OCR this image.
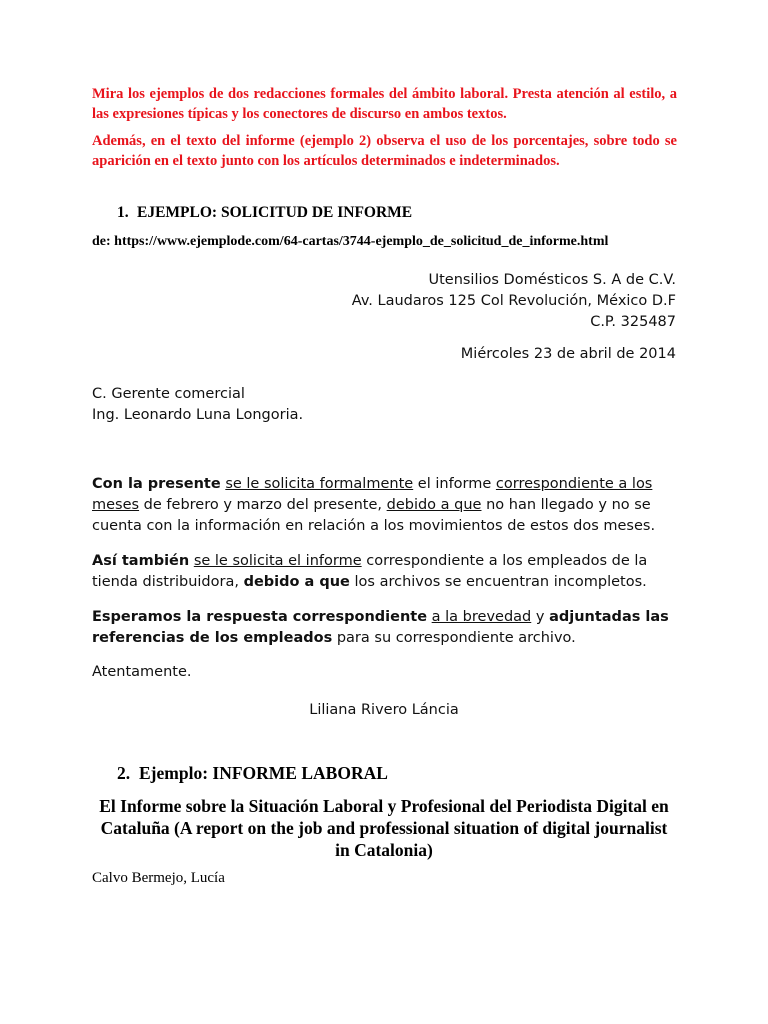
Mira los ejemplos de dos redacciones formales del ámbito laboral. Presta atención al estilo, a las expresiones típicas y los conectores de discurso en ambos textos.
Además, en el texto del informe (ejemplo 2) observa el uso de los porcentajes, sobre todo se aparición en el texto junto con los artículos determinados e indeterminados.
1. EJEMPLO: SOLICITUD DE INFORME
de: https://www.ejemplode.com/64-cartas/3744-ejemplo_de_solicitud_de_informe.html
Utensilios Domésticos S. A de C.V.
Av. Laudaros 125 Col Revolución, México D.F
C.P. 325487
Miércoles 23 de abril de 2014
C. Gerente comercial
Ing. Leonardo Luna Longoria.
Con la presente se le solicita formalmente el informe correspondiente a los meses de febrero y marzo del presente, debido a que no han llegado y no se cuenta con la información en relación a los movimientos de estos dos meses.
Así también se le solicita el informe correspondiente a los empleados de la tienda distribuidora, debido a que los archivos se encuentran incompletos.
Esperamos la respuesta correspondiente a la brevedad y adjuntadas las referencias de los empleados para su correspondiente archivo.
Atentamente.
Liliana Rivero Láncia
2. Ejemplo: INFORME LABORAL
El Informe sobre la Situación Laboral y Profesional del Periodista Digital en Cataluña (A report on the job and professional situation of digital journalist in Catalonia)
Calvo Bermejo, Lucía
